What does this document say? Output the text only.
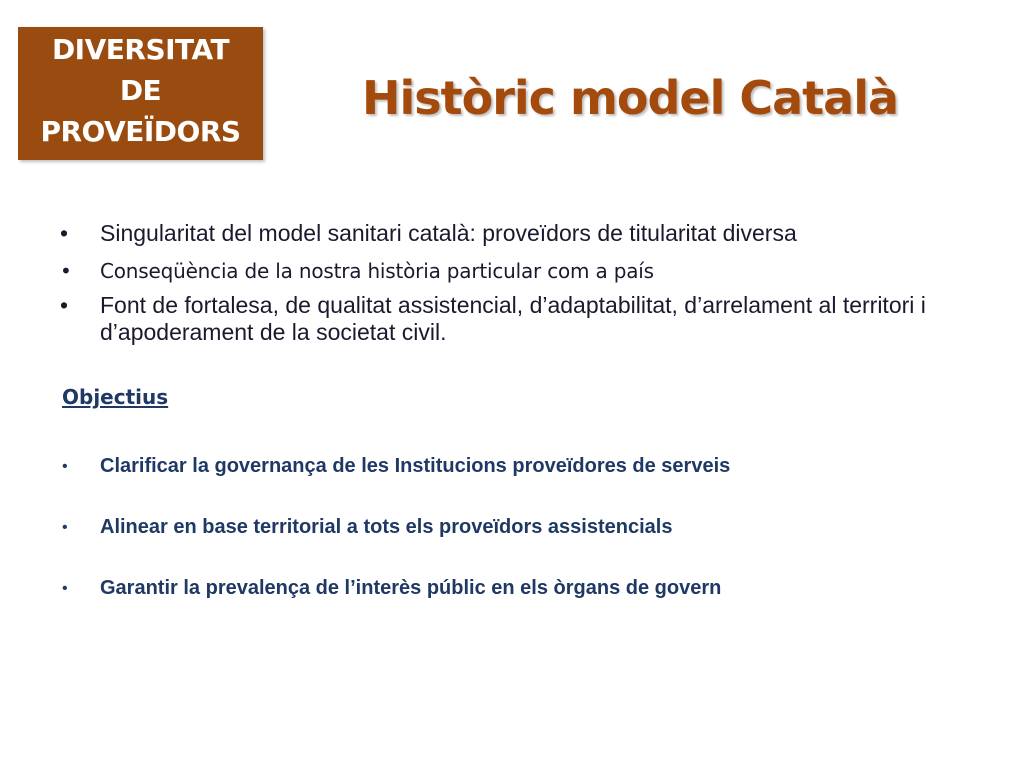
DIVERSITAT
DE
PROVEÏDORS
Històric model Català
• Singularitat del model sanitari català: proveïdors de titularitat diversa
• Conseqüència de la nostra història particular com a país
• Font de fortalesa, de qualitat assistencial, d’adaptabilitat, d’arrelament al territori i d’apoderament de la societat civil.
Objectius
• Clarificar la governança de les Institucions proveïdores de serveis
• Alinear en base territorial a tots els proveïdors assistencials
• Garantir la prevalença de l’interès públic en els òrgans de govern
